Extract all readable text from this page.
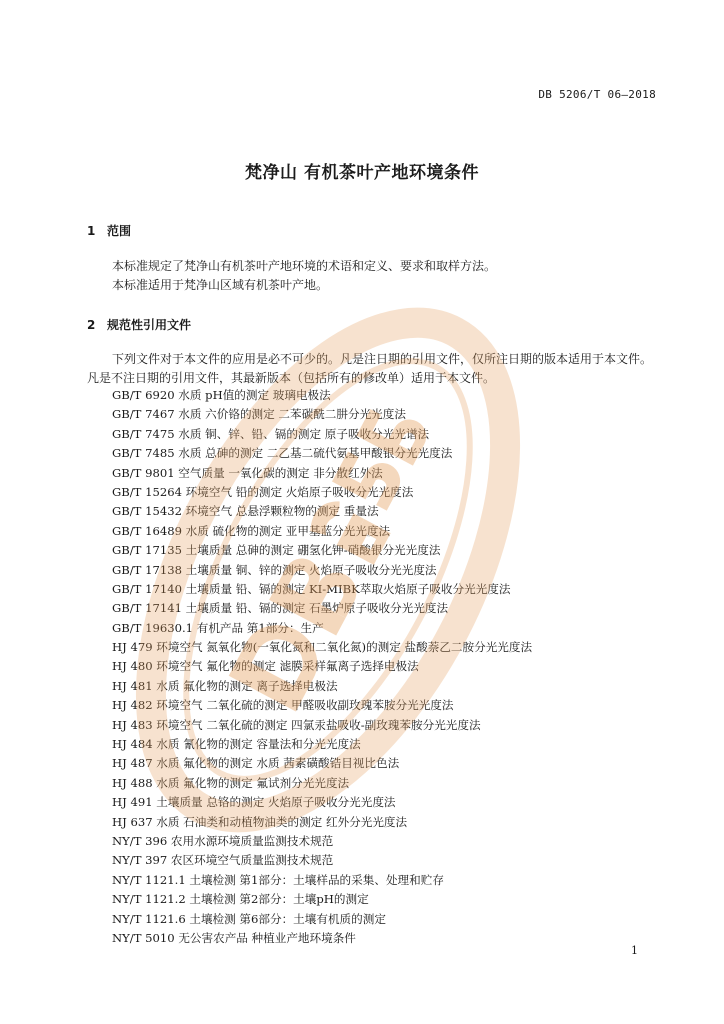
DB 5206/T 06—2018
梵净山 有机茶叶产地环境条件
1 范围
本标准规定了梵净山有机茶叶产地环境的术语和定义、要求和取样方法。
本标准适用于梵净山区域有机茶叶产地。
2 规范性引用文件
下列文件对于本文件的应用是必不可少的。凡是注日期的引用文件，仅所注日期的版本适用于本文件。凡是不注日期的引用文件，其最新版本（包括所有的修改单）适用于本文件。
GB/T 6920 水质 pH值的测定 玻璃电极法
GB/T 7467 水质 六价铬的测定 二苯碳酰二肼分光光度法
GB/T 7475 水质 铜、锌、铅、镉的测定 原子吸收分光光谱法
GB/T 7485 水质 总砷的测定 二乙基二硫代氨基甲酸银分光光度法
GB/T 9801 空气质量 一氧化碳的测定 非分散红外法
GB/T 15264 环境空气 铅的测定 火焰原子吸收分光光度法
GB/T 15432 环境空气 总悬浮颗粒物的测定 重量法
GB/T 16489 水质 硫化物的测定 亚甲基蓝分光光度法
GB/T 17135 土壤质量 总砷的测定 硼氢化钾-硝酸银分光光度法
GB/T 17138 土壤质量 铜、锌的测定 火焰原子吸收分光光度法
GB/T 17140 土壤质量 铅、镉的测定 KI-MIBK萃取火焰原子吸收分光光度法
GB/T 17141 土壤质量 铅、镉的测定 石墨炉原子吸收分光光度法
GB/T 19630.1 有机产品 第1部分：生产
HJ 479 环境空气 氮氧化物(一氧化氮和二氧化氮)的测定 盐酸萘乙二胺分光光度法
HJ 480 环境空气 氟化物的测定 滤膜采样氟离子选择电极法
HJ 481 水质 氟化物的测定 离子选择电极法
HJ 482 环境空气 二氧化硫的测定 甲醛吸收副玫瑰苯胺分光光度法
HJ 483 环境空气 二氧化硫的测定 四氯汞盐吸收-副玫瑰苯胺分光光度法
HJ 484 水质 氰化物的测定 容量法和分光光度法
HJ 487 水质 氟化物的测定 水质 茜素磺酸锆目视比色法
HJ 488 水质 氟化物的测定 氟试剂分光光度法
HJ 491 土壤质量 总铬的测定 火焰原子吸收分光光度法
HJ 637 水质 石油类和动植物油类的测定 红外分光光度法
NY/T 396 农用水源环境质量监测技术规范
NY/T 397 农区环境空气质量监测技术规范
NY/T 1121.1 土壤检测 第1部分：土壤样品的采集、处理和贮存
NY/T 1121.2 土壤检测 第2部分：土壤pH的测定
NY/T 1121.6 土壤检测 第6部分：土壤有机质的测定
NY/T 5010 无公害农产品 种植业产地环境条件
1
